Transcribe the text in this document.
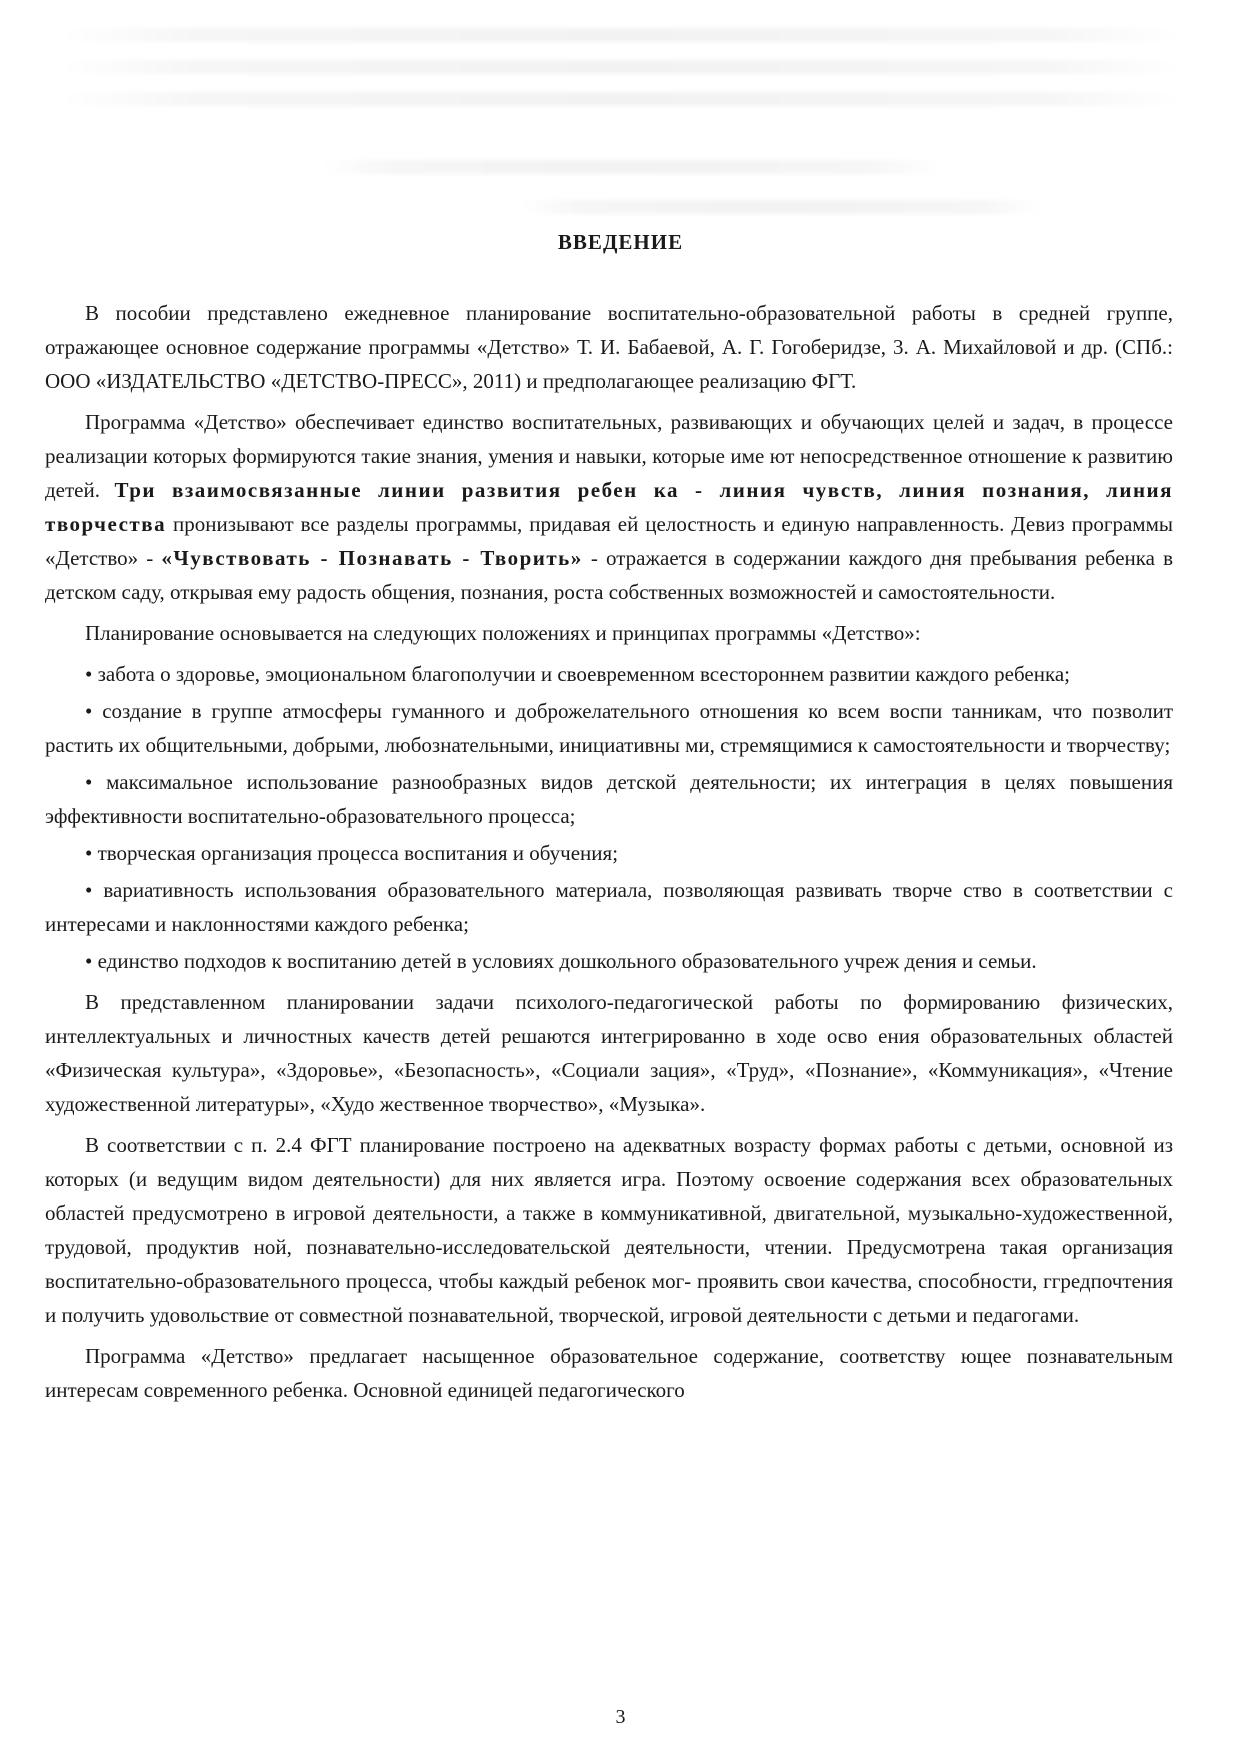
ВВЕДЕНИЕ

В пособии представлено ежедневное планирование воспитательно-образовательной работы в средней группе, отражающее основное содержание программы «Детство» Т. И. Бабаевой, А. Г. Гогоберидзе, 3. А. Михайловой и др. (СПб.: ООО «ИЗДАТЕЛЬСТВО «ДЕТСТВО-ПРЕСС», 2011) и предполагающее реализацию ФГТ.

Программа «Детство» обеспечивает единство воспитательных, развивающих и обучающих целей и задач, в процессе реализации которых формируются такие знания, умения и навыки, которые име ют непосредственное отношение к развитию детей. Три взаимосвязанные линии развития ребен ка - линия чувств, линия познания, линия творчества пронизывают все разделы программы, придавая ей целостность и единую направленность. Девиз программы «Детство» - «Чувствовать - Познавать - Творить» - отражается в содержании каждого дня пребывания ребенка в детском саду, открывая ему радость общения, познания, роста собственных возможностей и самостоятельности.

Планирование основывается на следующих положениях и принципах программы «Детство»:

• забота о здоровье, эмоциональном благополучии и своевременном всестороннем развитии каждого ребенка;

• создание в группе атмосферы гуманного и доброжелательного отношения ко всем воспи танникам, что позволит растить их общительными, добрыми, любознательными, инициативны ми, стремящимися к самостоятельности и творчеству;

• максимальное использование разнообразных видов детской деятельности; их интеграция в целях повышения эффективности воспитательно-образовательного процесса;

• творческая организация процесса воспитания и обучения;

• вариативность использования образовательного материала, позволяющая развивать творче ство в соответствии с интересами и наклонностями каждого ребенка;

• единство подходов к воспитанию детей в условиях дошкольного образовательного учреж дения и семьи.

В представленном планировании задачи психолого-педагогической работы по формированию физических, интеллектуальных и личностных качеств детей решаются интегрированно в ходе осво ения образовательных областей «Физическая культура», «Здоровье», «Безопасность», «Социали зация», «Труд», «Познание», «Коммуникация», «Чтение художественной литературы», «Худо жественное творчество», «Музыка».

В соответствии с п. 2.4 ФГТ планирование построено на адекватных возрасту формах работы с детьми, основной из которых (и ведущим видом деятельности) для них является игра. Поэтому освоение содержания всех образовательных областей предусмотрено в игровой деятельности, а также в коммуникативной, двигательной, музыкально-художественной, трудовой, продуктив ной, познавательно-исследовательской деятельности, чтении. Предусмотрена такая организация воспитательно-образовательного процесса, чтобы каждый ребенок мог- проявить свои качества, способности, ггредпочтения и получить удовольствие от совместной познавательной, творческой, игровой деятельности с детьми и педагогами.

Программа «Детство» предлагает насыщенное образовательное содержание, соответству ющее познавательным интересам современного ребенка. Основной единицей педагогического

3
